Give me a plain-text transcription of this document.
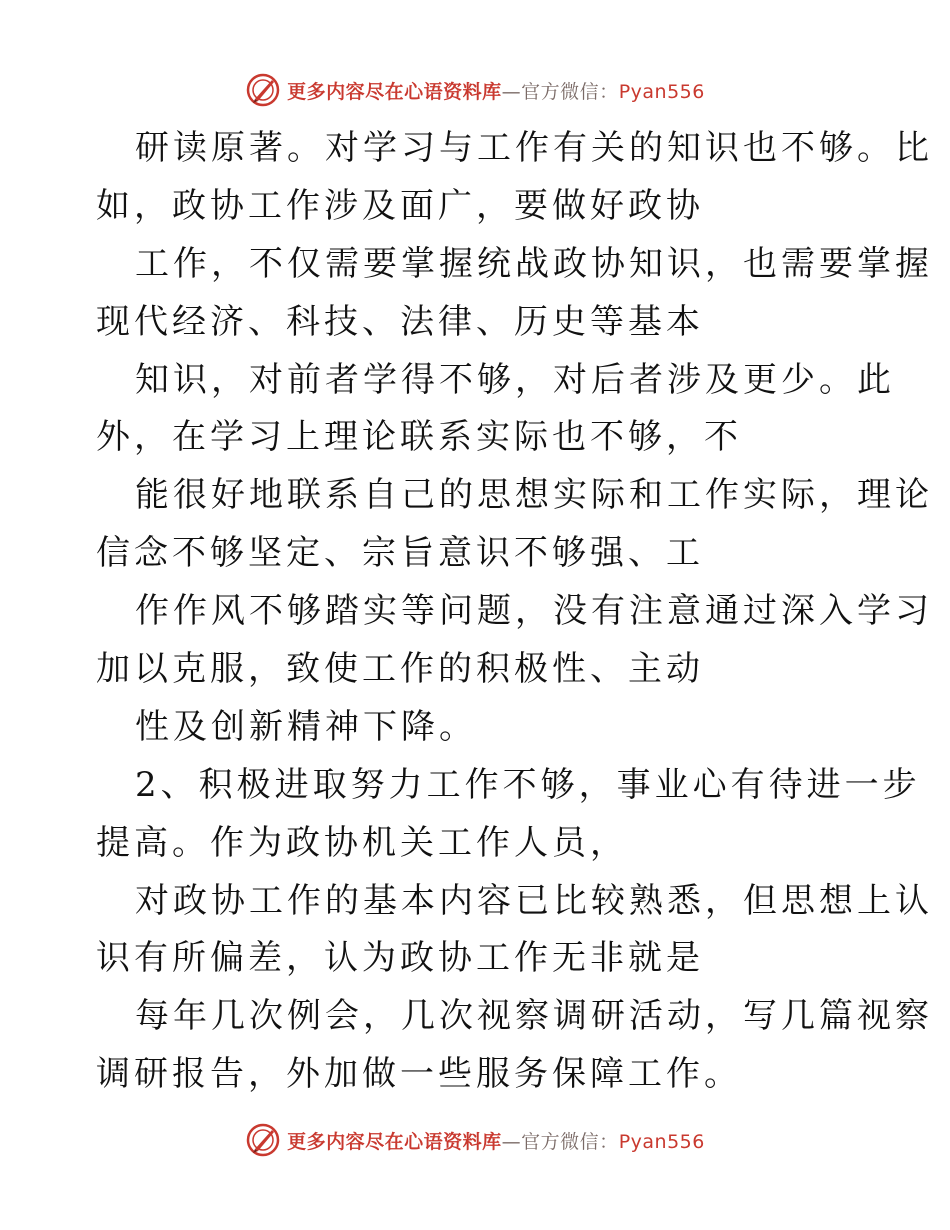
更多内容尽在心语资料库—官方微信：Pyan556
研读原著。对学习与工作有关的知识也不够。比
如，政协工作涉及面广，要做好政协
工作，不仅需要掌握统战政协知识，也需要掌握
现代经济、科技、法律、历史等基本
知识，对前者学得不够，对后者涉及更少。此
外，在学习上理论联系实际也不够，不
能很好地联系自己的思想实际和工作实际，理论
信念不够坚定、宗旨意识不够强、工
作作风不够踏实等问题，没有注意通过深入学习
加以克服，致使工作的积极性、主动
性及创新精神下降。
2、积极进取努力工作不够，事业心有待进一步
提高。作为政协机关工作人员，
对政协工作的基本内容已比较熟悉，但思想上认
识有所偏差，认为政协工作无非就是
每年几次例会，几次视察调研活动，写几篇视察
调研报告，外加做一些服务保障工作。
更多内容尽在心语资料库—官方微信：Pyan556
